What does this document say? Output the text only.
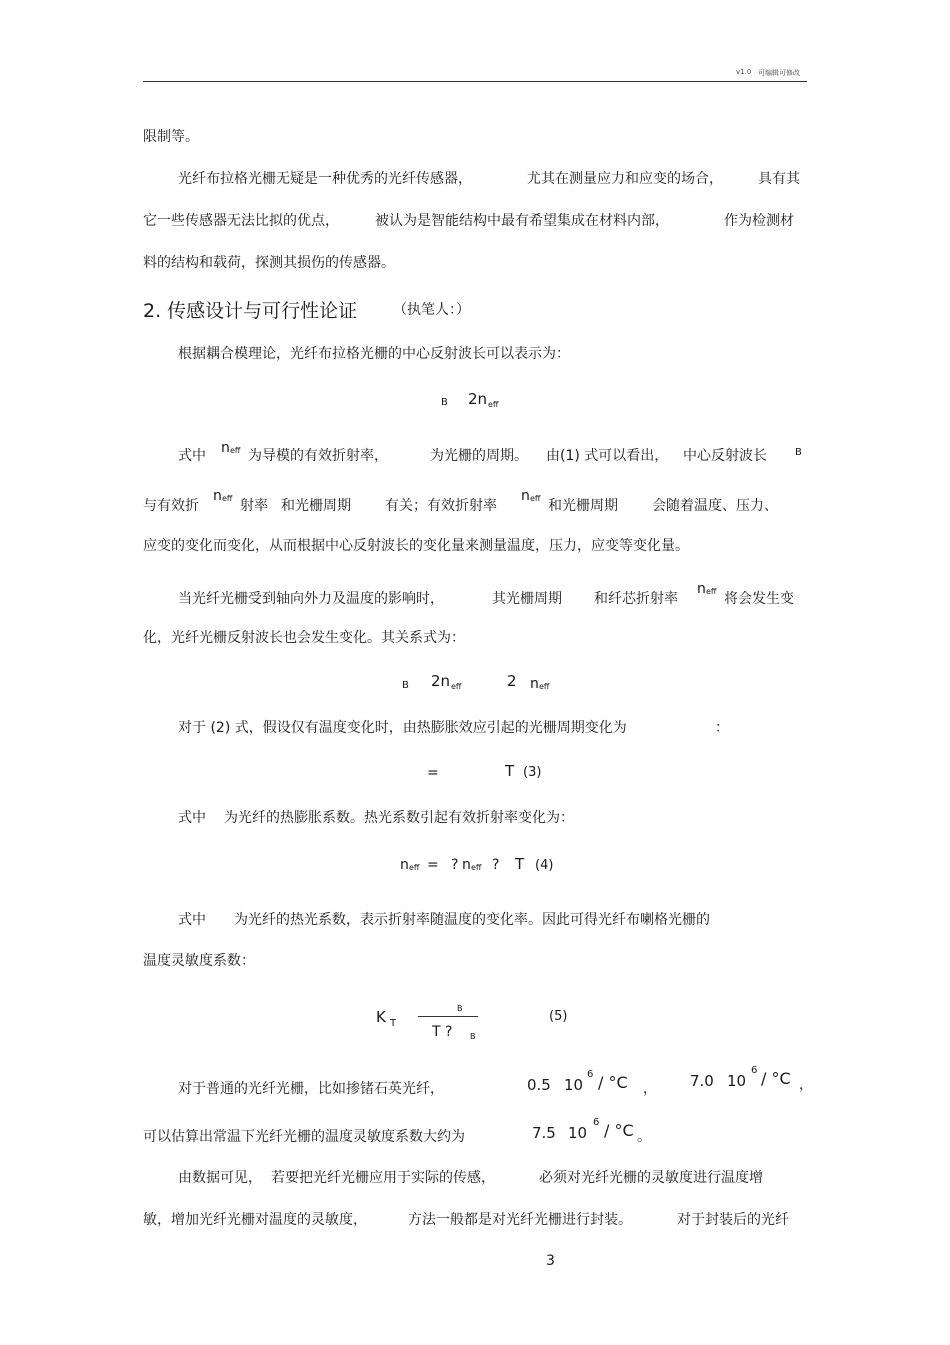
v1.0 可编辑可修改
限制等。
光纤布拉格光栅无疑是一种优秀的光纤传感器，	尤其在测量应力和应变的场合，	具有其
它一些传感器无法比拟的优点，	被认为是智能结构中最有希望集成在材料内部，	作为检测材
料的结构和载荷，探测其损伤的传感器。
2. 传感设计与可行性论证	（执笔人：）
根据耦合模理论，光纤布拉格光栅的中心反射波长可以表示为：
B 2n eff
式中 n eff 为导模的有效折射率，	为光栅的周期。 由(1) 式可以看出， 中心反射波长	B
与有效折
n eff 射率 和光栅周期 有关；有效折射率
n eff 和光栅周期 会随着温度、压力、
应变的变化而变化，从而根据中心反射波长的变化量来测量温度，压力，应变等变化量。
当光纤光栅受到轴向外力及温度的影响时，	其光栅周期 和纤芯折射率
n eff 将会发生变
化，光纤光栅反射波长也会发生变化。其关系式为：
B 2n eff	2 n eff
对于 (2) 式，假设仅有温度变化时，由热膨胀效应引起的光栅周期变化为	：
=	T (3)
式中 为光纤的热膨胀系数。热光系数引起有效折射率变化为：
n eff = ? n eff ? T (4)
式中 为光纤的热光系数，表示折射率随温度的变化率。因此可得光纤布喇格光栅的
温度灵敏度系数：
K T
B
T ? B
(5)
对于普通的光纤光栅，比如掺锗石英光纤，	0.5 10
6 / °C ， 7.0 10
6 / °C ，
可以估算出常温下光纤光栅的温度灵敏度系数大约为	7.5 10
6 / °C 。
由数据可见， 若要把光纤光栅应用于实际的传感，	必须对光纤光栅的灵敏度进行温度增
敏，增加光纤光栅对温度的灵敏度，	方法一般都是对光纤光栅进行封装。	对于封装后的光纤
3
